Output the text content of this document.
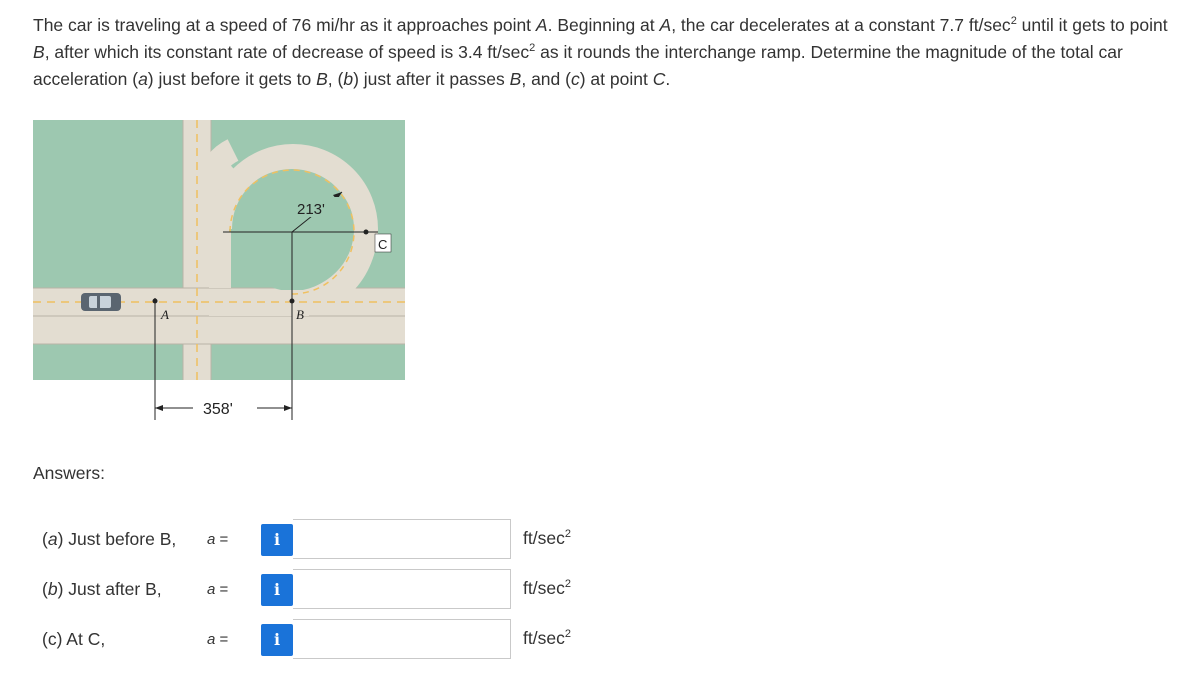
The car is traveling at a speed of 76 mi/hr as it approaches point A. Beginning at A, the car decelerates at a constant 7.7 $ft/\sec^2$ until it gets to point B, after which its constant rate of decrease of speed is 3.4 $ft/\sec^2$ as it rounds the interchange ramp. Determine the magnitude of the total car acceleration (a) just before it gets to B, (b) just after it passes B, and (c) at point C.

213'
A	B
C
358'
Answers:
(a) Just before B, a =	i	$ft/\sec^2$
(b) Just after B,	a =	i	$ft/\sec^2$
(c) At C,	a =	i	$ft/\sec^2$
